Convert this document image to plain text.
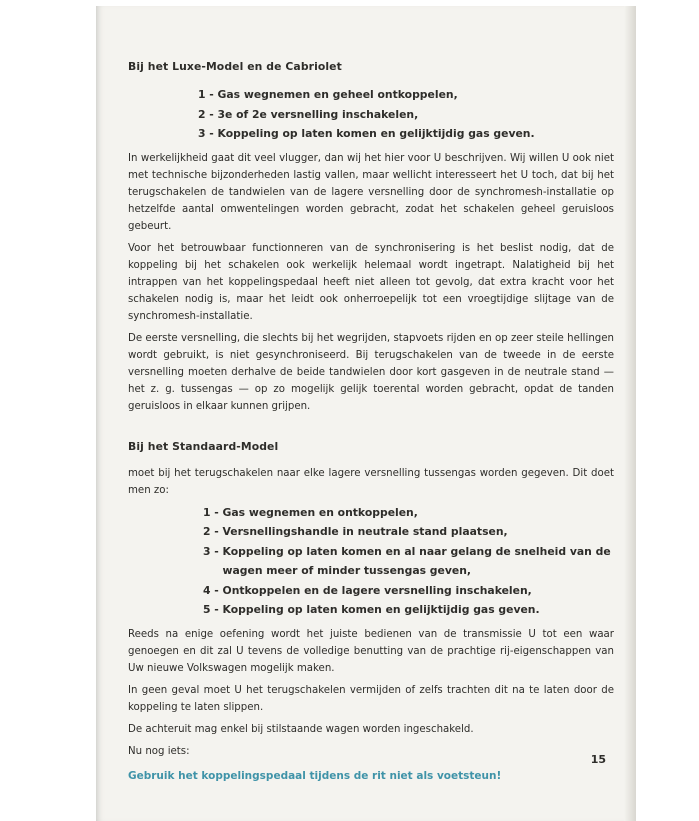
Bij het Luxe-Model en de Cabriolet
1 - Gas wegnemen en geheel ontkoppelen,
2 - 3e of 2e versnelling inschakelen,
3 - Koppeling op laten komen en gelijktijdig gas geven.

In werkelijkheid gaat dit veel vlugger, dan wij het hier voor U beschrijven. Wij willen U ook niet met technische bijzonderheden lastig vallen, maar wellicht interesseert het U toch, dat bij het terugschakelen de tandwielen van de lagere versnelling door de synchromesh-installatie op hetzelfde aantal omwentelingen worden gebracht, zodat het schakelen geheel geruisloos gebeurt.

Voor het betrouwbaar functionneren van de synchronisering is het beslist nodig, dat de koppeling bij het schakelen ook werkelijk helemaal wordt ingetrapt. Nalatigheid bij het intrappen van het koppelingspedaal heeft niet alleen tot gevolg, dat extra kracht voor het schakelen nodig is, maar het leidt ook onherroepelijk tot een vroegtijdige slijtage van de synchromesh-installatie.

De eerste versnelling, die slechts bij het wegrijden, stapvoets rijden en op zeer steile hellingen wordt gebruikt, is niet gesynchroniseerd. Bij terugschakelen van de tweede in de eerste versnelling moeten derhalve de beide tandwielen door kort gasgeven in de neutrale stand — het z. g. tussengas — op zo mogelijk gelijk toerental worden gebracht, opdat de tanden geruisloos in elkaar kunnen grijpen.

Bij het Standaard-Model

moet bij het terugschakelen naar elke lagere versnelling tussengas worden gegeven. Dit doet men zo:

1 - Gas wegnemen en ontkoppelen,
2 - Versnellingshandle in neutrale stand plaatsen,
3 - Koppeling op laten komen en al naar gelang de snelheid van de wagen meer of minder tussengas geven,
4 - Ontkoppelen en de lagere versnelling inschakelen,
5 - Koppeling op laten komen en gelijktijdig gas geven.

Reeds na enige oefening wordt het juiste bedienen van de transmissie U tot een waar genoegen en dit zal U tevens de volledige benutting van de prachtige rij-eigenschappen van Uw nieuwe Volkswagen mogelijk maken.

In geen geval moet U het terugschakelen vermijden of zelfs trachten dit na te laten door de koppeling te laten slippen.

De achteruit mag enkel bij stilstaande wagen worden ingeschakeld.

Nu nog iets:

Gebruik het koppelingspedaal tijdens de rit niet als voetsteun!
15
